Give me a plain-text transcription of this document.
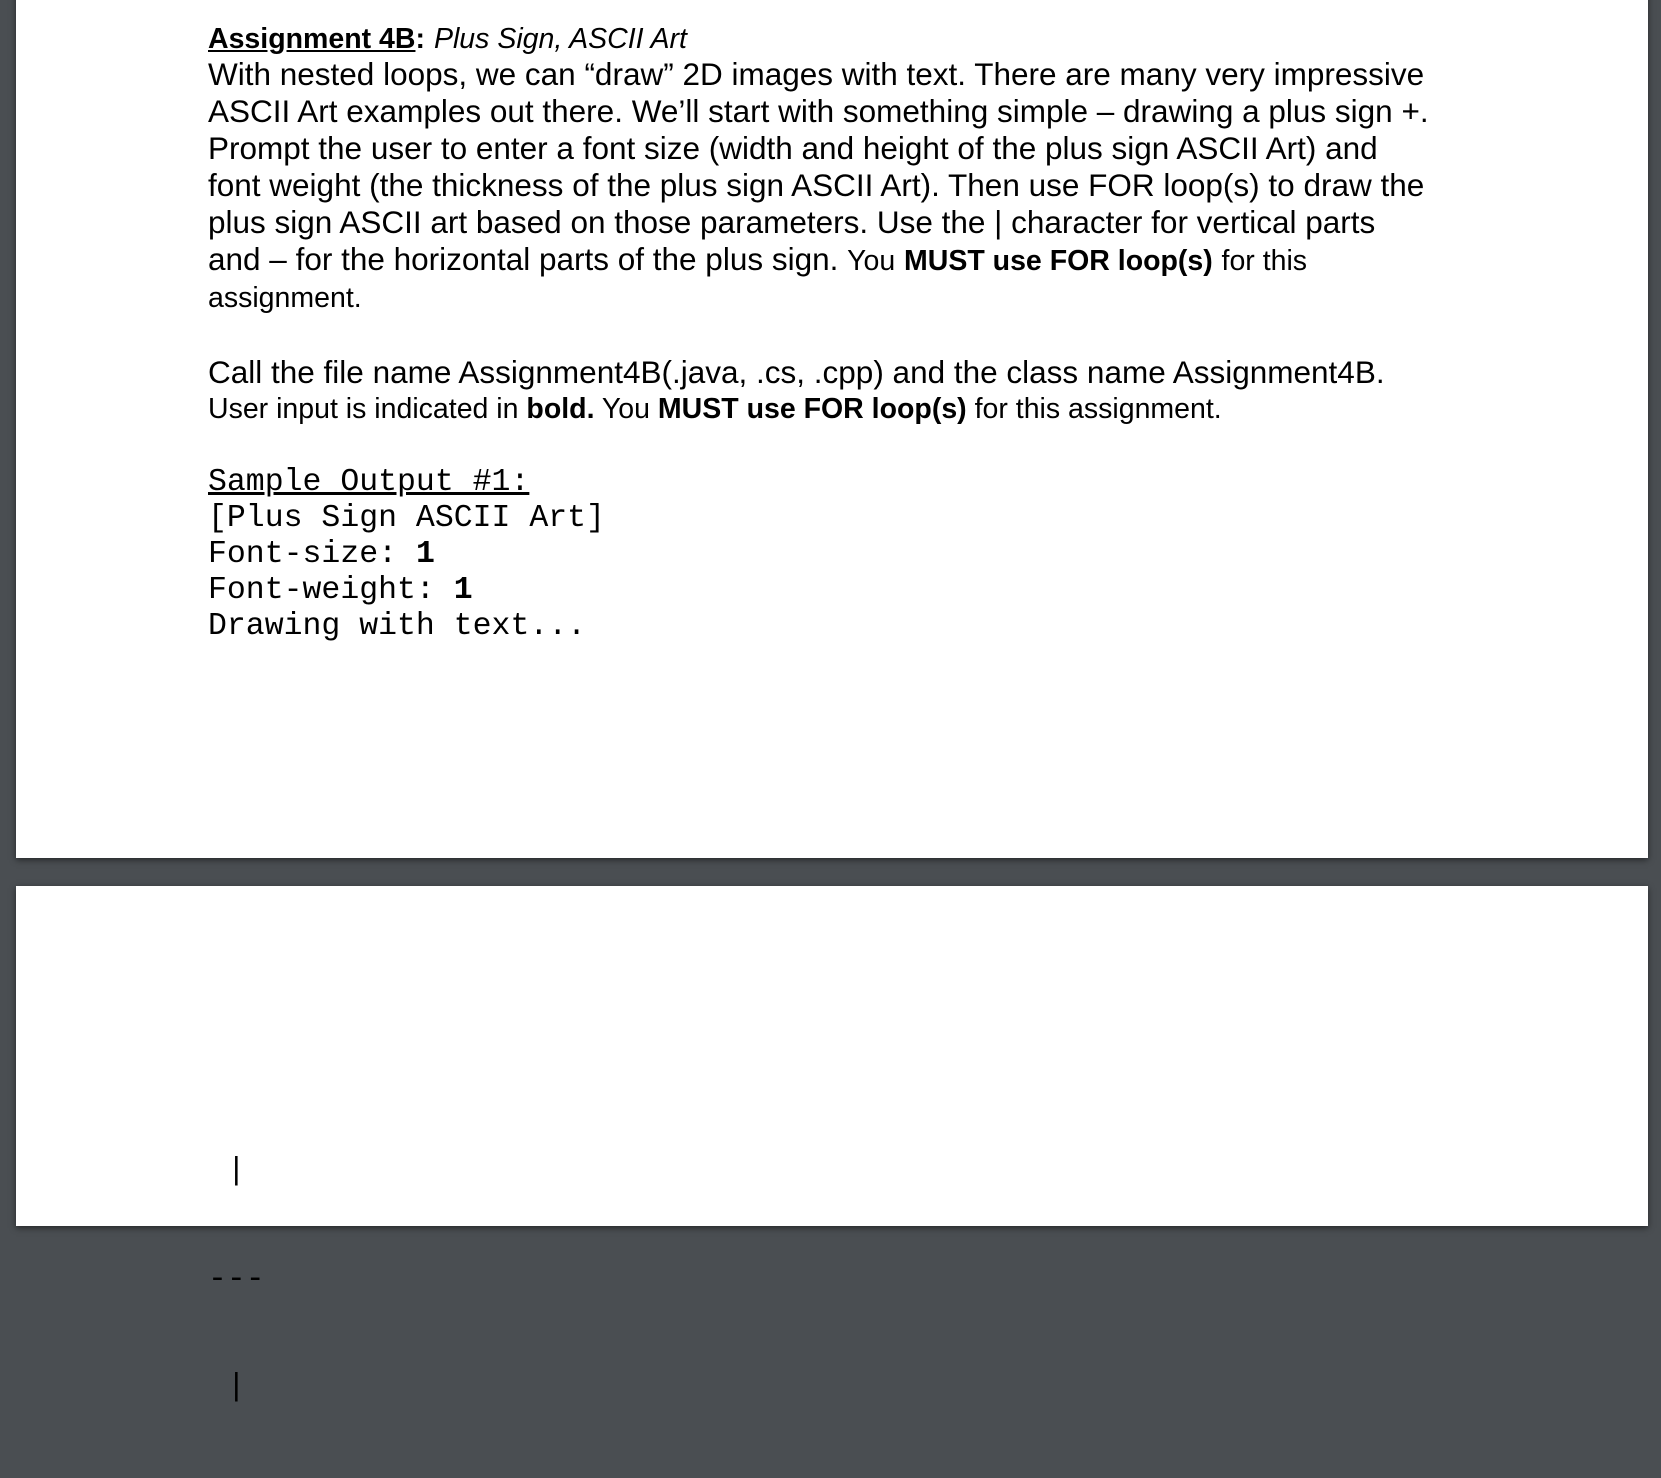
Assignment 4B: Plus Sign, ASCII Art

With nested loops, we can “draw” 2D images with text. There are many very impressive

ASCII Art examples out there. We’ll start with something simple – drawing a plus sign +.

Prompt the user to enter a font size (width and height of the plus sign ASCII Art) and

font weight (the thickness of the plus sign ASCII Art). Then use FOR loop(s) to draw the

plus sign ASCII art based on those parameters. Use the | character for vertical parts

and – for the horizontal parts of the plus sign. You MUST use FOR loop(s) for this

assignment.

Call the file name Assignment4B(.java, .cs, .cpp) and the class name Assignment4B.

User input is indicated in bold. You MUST use FOR loop(s) for this assignment.

Sample Output #1:

[Plus Sign ASCII Art]

Font-size: 1

Font-weight: 1

Drawing with text...

|

---

|
